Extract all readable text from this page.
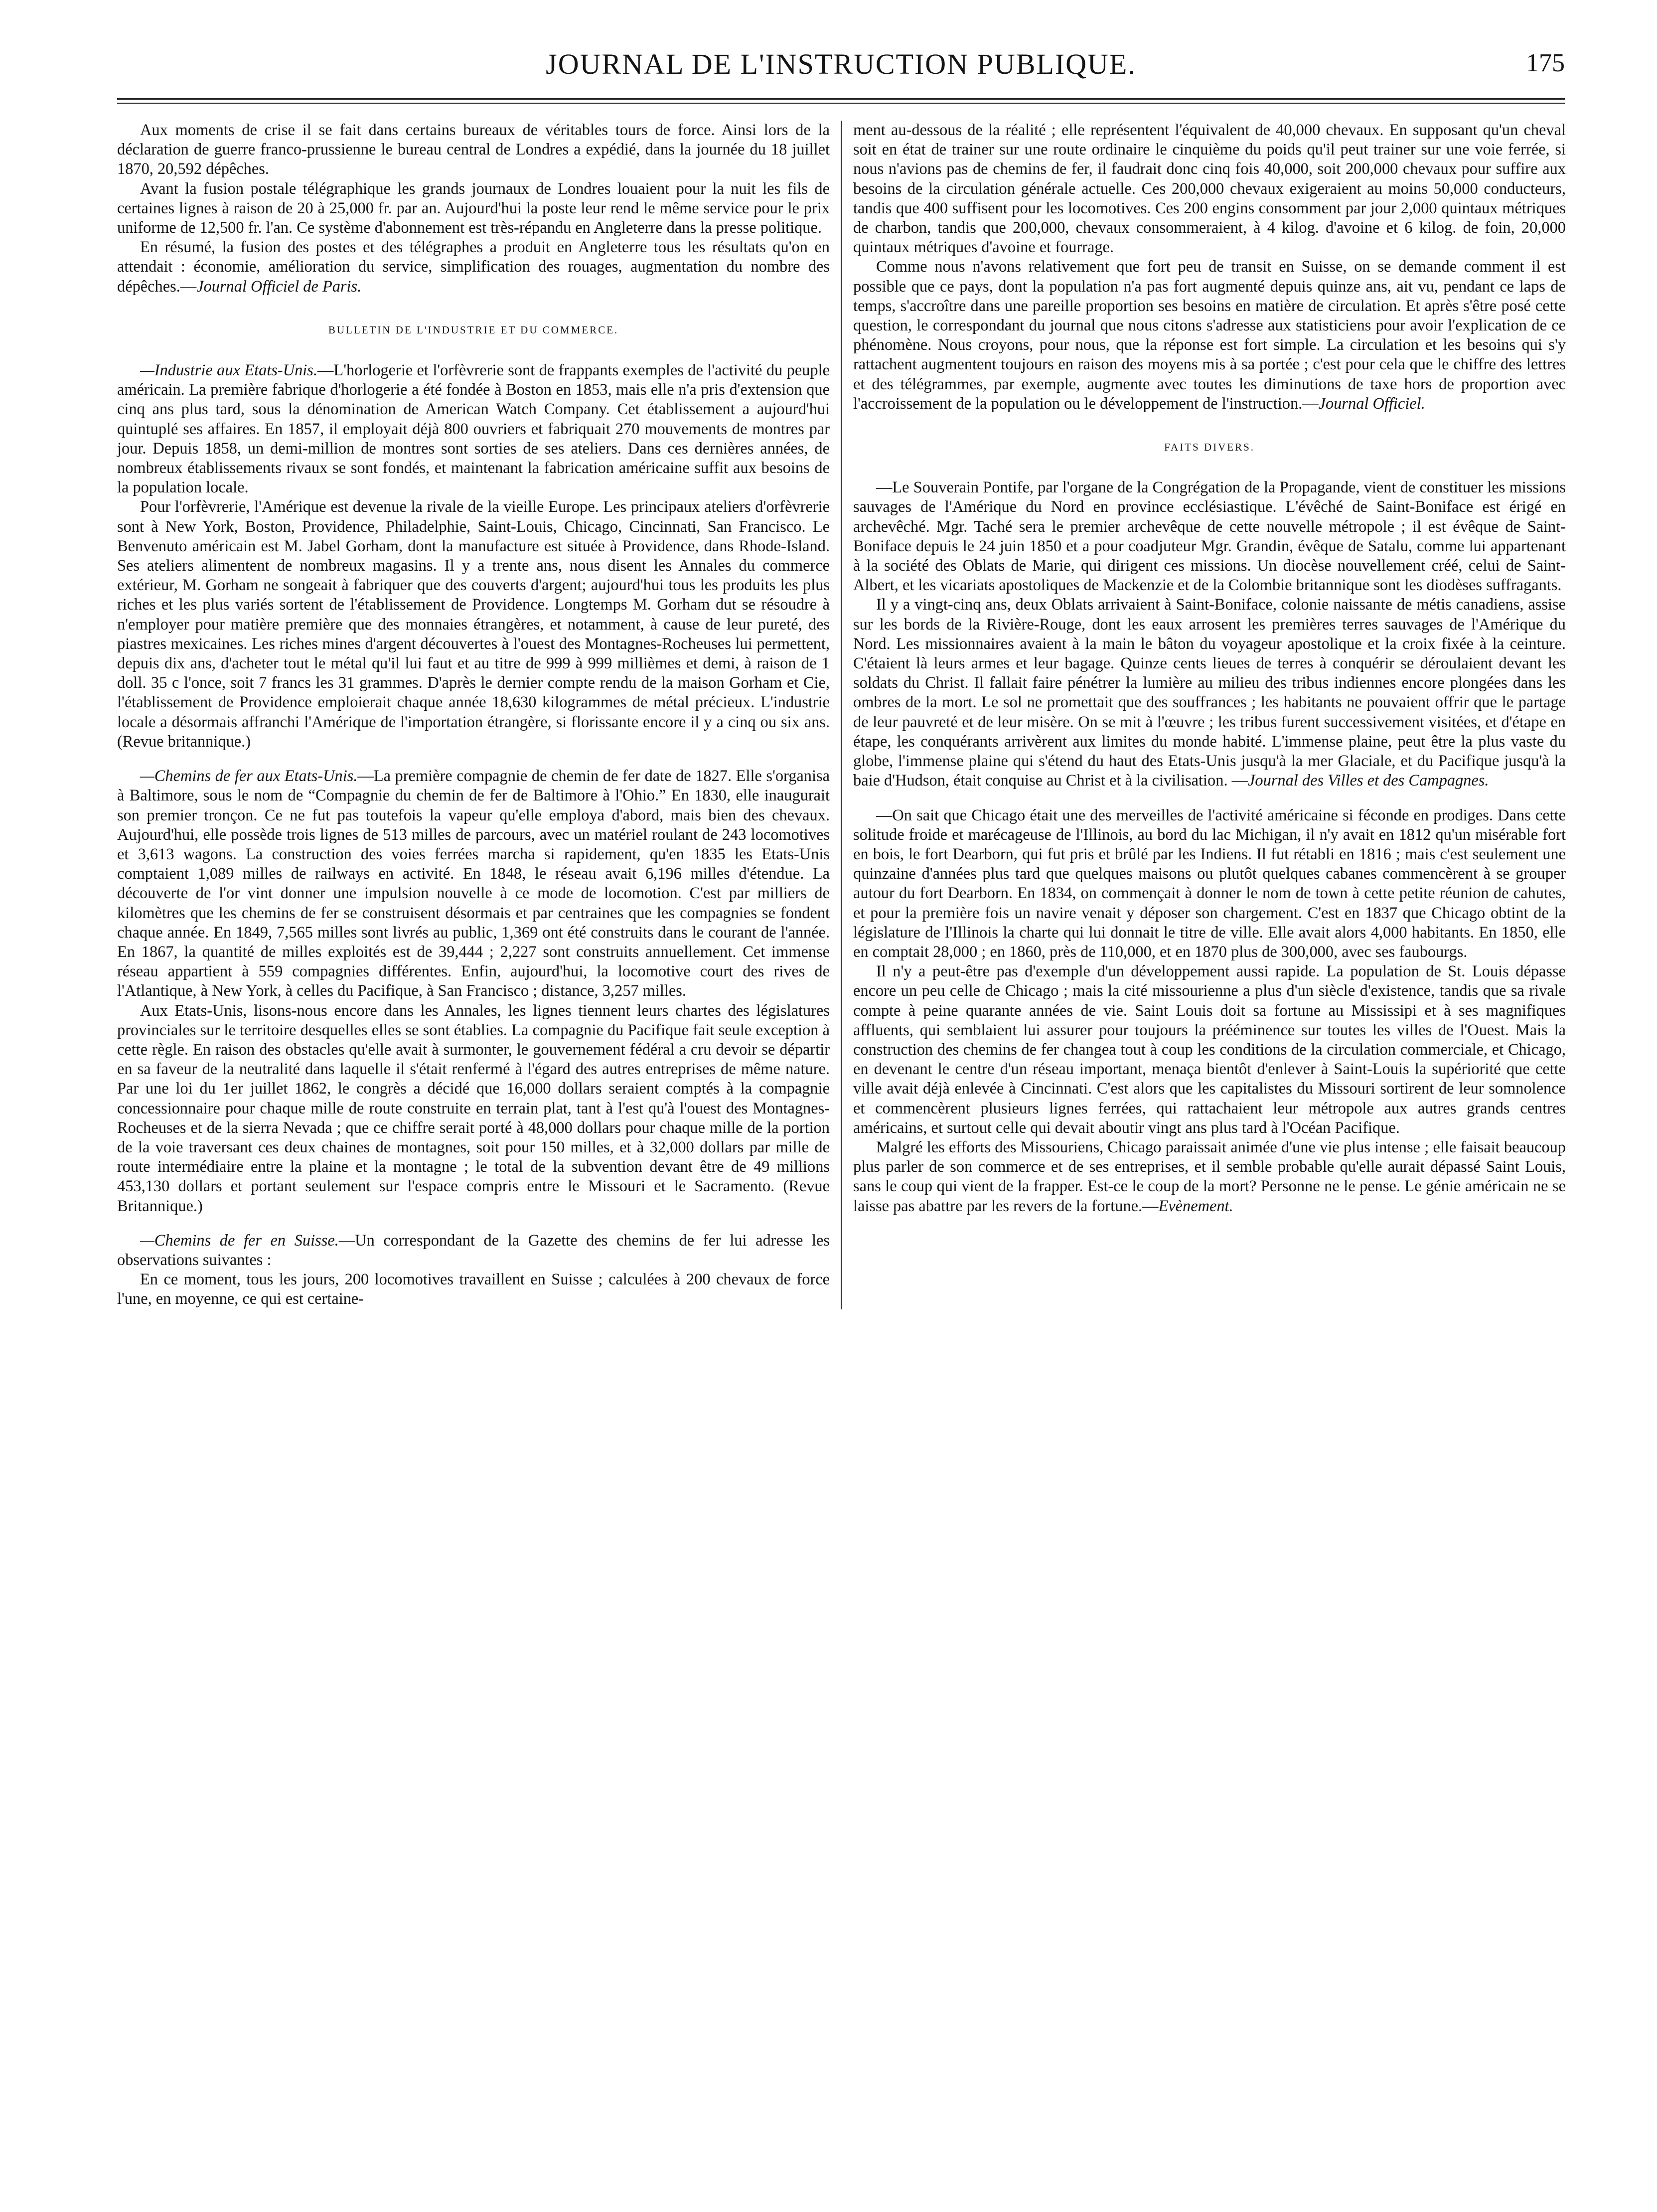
JOURNAL DE L'INSTRUCTION PUBLIQUE.	175

Aux moments de crise il se fait dans certains bureaux de véritables tours de force. Ainsi lors de la déclaration de guerre franco-prussienne le bureau central de Londres a expédié, dans la journée du 18 juillet 1870, 20,592 dépêches.

Avant la fusion postale télégraphique les grands journaux de Londres louaient pour la nuit les fils de certaines lignes à raison de 20 à 25,000 fr. par an. Aujourd'hui la poste leur rend le même service pour le prix uniforme de 12,500 fr. l'an. Ce système d'abonnement est très-répandu en Angleterre dans la presse politique.

En résumé, la fusion des postes et des télégraphes a produit en Angleterre tous les résultats qu'on en attendait : économie, amélioration du service, simplification des rouages, augmentation du nombre des dépêches.—Journal Officiel de Paris.

BULLETIN DE L'INDUSTRIE ET DU COMMERCE.

—Industrie aux Etats-Unis.—L'horlogerie et l'orfèvrerie sont de frappants exemples de l'activité du peuple américain. La première fabrique d'horlogerie a été fondée à Boston en 1853, mais elle n'a pris d'extension que cinq ans plus tard, sous la dénomination de American Watch Company. Cet établissement a aujourd'hui quintuplé ses affaires. En 1857, il employait déjà 800 ouvriers et fabriquait 270 mouvements de montres par jour. Depuis 1858, un demi-million de montres sont sorties de ses ateliers. Dans ces dernières années, de nombreux établissements rivaux se sont fondés, et maintenant la fabrication américaine suffit aux besoins de la population locale.

Pour l'orfèvrerie, l'Amérique est devenue la rivale de la vieille Europe. Les principaux ateliers d'orfèvrerie sont à New York, Boston, Providence, Philadelphie, Saint-Louis, Chicago, Cincinnati, San Francisco. Le Benvenuto américain est M. Jabel Gorham, dont la manufacture est située à Providence, dans Rhode-Island. Ses ateliers alimentent de nombreux magasins. Il y a trente ans, nous disent les Annales du commerce extérieur, M. Gorham ne songeait à fabriquer que des couverts d'argent; aujourd'hui tous les produits les plus riches et les plus variés sortent de l'établissement de Providence. Longtemps M. Gorham dut se résoudre à n'employer pour matière première que des monnaies étrangères, et notamment, à cause de leur pureté, des piastres mexicaines. Les riches mines d'argent découvertes à l'ouest des Montagnes-Rocheuses lui permettent, depuis dix ans, d'acheter tout le métal qu'il lui faut et au titre de 999 à 999 millièmes et demi, à raison de 1 doll. 35 c l'once, soit 7 francs les 31 grammes. D'après le dernier compte rendu de la maison Gorham et Cie, l'établissement de Providence emploierait chaque année 18,630 kilogrammes de métal précieux. L'industrie locale a désormais affranchi l'Amérique de l'importation étrangère, si florissante encore il y a cinq ou six ans. (Revue britannique.)

—Chemins de fer aux Etats-Unis.—La première compagnie de chemin de fer date de 1827. Elle s'organisa à Baltimore, sous le nom de “Compagnie du chemin de fer de Baltimore à l'Ohio.” En 1830, elle inaugurait son premier tronçon. Ce ne fut pas toutefois la vapeur qu'elle employa d'abord, mais bien des chevaux. Aujourd'hui, elle possède trois lignes de 513 milles de parcours, avec un matériel roulant de 243 locomotives et 3,613 wagons. La construction des voies ferrées marcha si rapidement, qu'en 1835 les Etats-Unis comptaient 1,089 milles de railways en activité. En 1848, le réseau avait 6,196 milles d'étendue. La découverte de l'or vint donner une impulsion nouvelle à ce mode de locomotion. C'est par milliers de kilomètres que les chemins de fer se construisent désormais et par centraines que les compagnies se fondent chaque année. En 1849, 7,565 milles sont livrés au public, 1,369 ont été construits dans le courant de l'année. En 1867, la quantité de milles exploités est de 39,444 ; 2,227 sont construits annuellement. Cet immense réseau appartient à 559 compagnies différentes. Enfin, aujourd'hui, la locomotive court des rives de l'Atlantique, à New York, à celles du Pacifique, à San Francisco ; distance, 3,257 milles.

Aux Etats-Unis, lisons-nous encore dans les Annales, les lignes tiennent leurs chartes des législatures provinciales sur le territoire desquelles elles se sont établies. La compagnie du Pacifique fait seule exception à cette règle. En raison des obstacles qu'elle avait à surmonter, le gouvernement fédéral a cru devoir se départir en sa faveur de la neutralité dans laquelle il s'était renfermé à l'égard des autres entreprises de même nature. Par une loi du 1er juillet 1862, le congrès a décidé que 16,000 dollars seraient comptés à la compagnie concessionnaire pour chaque mille de route construite en terrain plat, tant à l'est qu'à l'ouest des Montagnes-Rocheuses et de la sierra Nevada ; que ce chiffre serait porté à 48,000 dollars pour chaque mille de la portion de la voie traversant ces deux chaines de montagnes, soit pour 150 milles, et à 32,000 dollars par mille de route intermédiaire entre la plaine et la montagne ; le total de la subvention devant être de 49 millions 453,130 dollars et portant seulement sur l'espace compris entre le Missouri et le Sacramento. (Revue Britannique.)

—Chemins de fer en Suisse.—Un correspondant de la Gazette des chemins de fer lui adresse les observations suivantes :

En ce moment, tous les jours, 200 locomotives travaillent en Suisse ; calculées à 200 chevaux de force l'une, en moyenne, ce qui est certaine-

ment au-dessous de la réalité ; elle représentent l'équivalent de 40,000 chevaux. En supposant qu'un cheval soit en état de trainer sur une route ordinaire le cinquième du poids qu'il peut trainer sur une voie ferrée, si nous n'avions pas de chemins de fer, il faudrait donc cinq fois 40,000, soit 200,000 chevaux pour suffire aux besoins de la circulation générale actuelle. Ces 200,000 chevaux exigeraient au moins 50,000 conducteurs, tandis que 400 suffisent pour les locomotives. Ces 200 engins consomment par jour 2,000 quintaux métriques de charbon, tandis que 200,000, chevaux consommeraient, à 4 kilog. d'avoine et 6 kilog. de foin, 20,000 quintaux métriques d'avoine et fourrage.

Comme nous n'avons relativement que fort peu de transit en Suisse, on se demande comment il est possible que ce pays, dont la population n'a pas fort augmenté depuis quinze ans, ait vu, pendant ce laps de temps, s'accroître dans une pareille proportion ses besoins en matière de circulation. Et après s'être posé cette question, le correspondant du journal que nous citons s'adresse aux statisticiens pour avoir l'explication de ce phénomène. Nous croyons, pour nous, que la réponse est fort simple. La circulation et les besoins qui s'y rattachent augmentent toujours en raison des moyens mis à sa portée ; c'est pour cela que le chiffre des lettres et des télégrammes, par exemple, augmente avec toutes les diminutions de taxe hors de proportion avec l'accroissement de la population ou le développement de l'instruction.—Journal Officiel.

FAITS DIVERS.

—Le Souverain Pontife, par l'organe de la Congrégation de la Propagande, vient de constituer les missions sauvages de l'Amérique du Nord en province ecclésiastique. L'évêché de Saint-Boniface est érigé en archevêché. Mgr. Taché sera le premier archevêque de cette nouvelle métropole ; il est évêque de Saint-Boniface depuis le 24 juin 1850 et a pour coadjuteur Mgr. Grandin, évêque de Satalu, comme lui appartenant à la société des Oblats de Marie, qui dirigent ces missions. Un diocèse nouvellement créé, celui de Saint-Albert, et les vicariats apostoliques de Mackenzie et de la Colombie britannique sont les diodèses suffragants.

Il y a vingt-cinq ans, deux Oblats arrivaient à Saint-Boniface, colonie naissante de métis canadiens, assise sur les bords de la Rivière-Rouge, dont les eaux arrosent les premières terres sauvages de l'Amérique du Nord. Les missionnaires avaient à la main le bâton du voyageur apostolique et la croix fixée à la ceinture. C'étaient là leurs armes et leur bagage. Quinze cents lieues de terres à conquérir se déroulaient devant les soldats du Christ. Il fallait faire pénétrer la lumière au milieu des tribus indiennes encore plongées dans les ombres de la mort. Le sol ne promettait que des souffrances ; les habitants ne pouvaient offrir que le partage de leur pauvreté et de leur misère. On se mit à l'œuvre ; les tribus furent successivement visitées, et d'étape en étape, les conquérants arrivèrent aux limites du monde habité. L'immense plaine, peut être la plus vaste du globe, l'immense plaine qui s'étend du haut des Etats-Unis jusqu'à la mer Glaciale, et du Pacifique jusqu'à la baie d'Hudson, était conquise au Christ et à la civilisation. —Journal des Villes et des Campagnes.

—On sait que Chicago était une des merveilles de l'activité américaine si féconde en prodiges. Dans cette solitude froide et marécageuse de l'Illinois, au bord du lac Michigan, il n'y avait en 1812 qu'un misérable fort en bois, le fort Dearborn, qui fut pris et brûlé par les Indiens. Il fut rétabli en 1816 ; mais c'est seulement une quinzaine d'années plus tard que quelques maisons ou plutôt quelques cabanes commencèrent à se grouper autour du fort Dearborn. En 1834, on commençait à donner le nom de town à cette petite réunion de cahutes, et pour la première fois un navire venait y déposer son chargement. C'est en 1837 que Chicago obtint de la législature de l'Illinois la charte qui lui donnait le titre de ville. Elle avait alors 4,000 habitants. En 1850, elle en comptait 28,000 ; en 1860, près de 110,000, et en 1870 plus de 300,000, avec ses faubourgs.

Il n'y a peut-être pas d'exemple d'un développement aussi rapide. La population de St. Louis dépasse encore un peu celle de Chicago ; mais la cité missourienne a plus d'un siècle d'existence, tandis que sa rivale compte à peine quarante années de vie. Saint Louis doit sa fortune au Mississipi et à ses magnifiques affluents, qui semblaient lui assurer pour toujours la prééminence sur toutes les villes de l'Ouest. Mais la construction des chemins de fer changea tout à coup les conditions de la circulation commerciale, et Chicago, en devenant le centre d'un réseau important, menaça bientôt d'enlever à Saint-Louis la supériorité que cette ville avait déjà enlevée à Cincinnati. C'est alors que les capitalistes du Missouri sortirent de leur somnolence et commencèrent plusieurs lignes ferrées, qui rattachaient leur métropole aux autres grands centres américains, et surtout celle qui devait aboutir vingt ans plus tard à l'Océan Pacifique.

Malgré les efforts des Missouriens, Chicago paraissait animée d'une vie plus intense ; elle faisait beaucoup plus parler de son commerce et de ses entreprises, et il semble probable qu'elle aurait dépassé Saint Louis, sans le coup qui vient de la frapper. Est-ce le coup de la mort? Personne ne le pense. Le génie américain ne se laisse pas abattre par les revers de la fortune.—Evènement.
